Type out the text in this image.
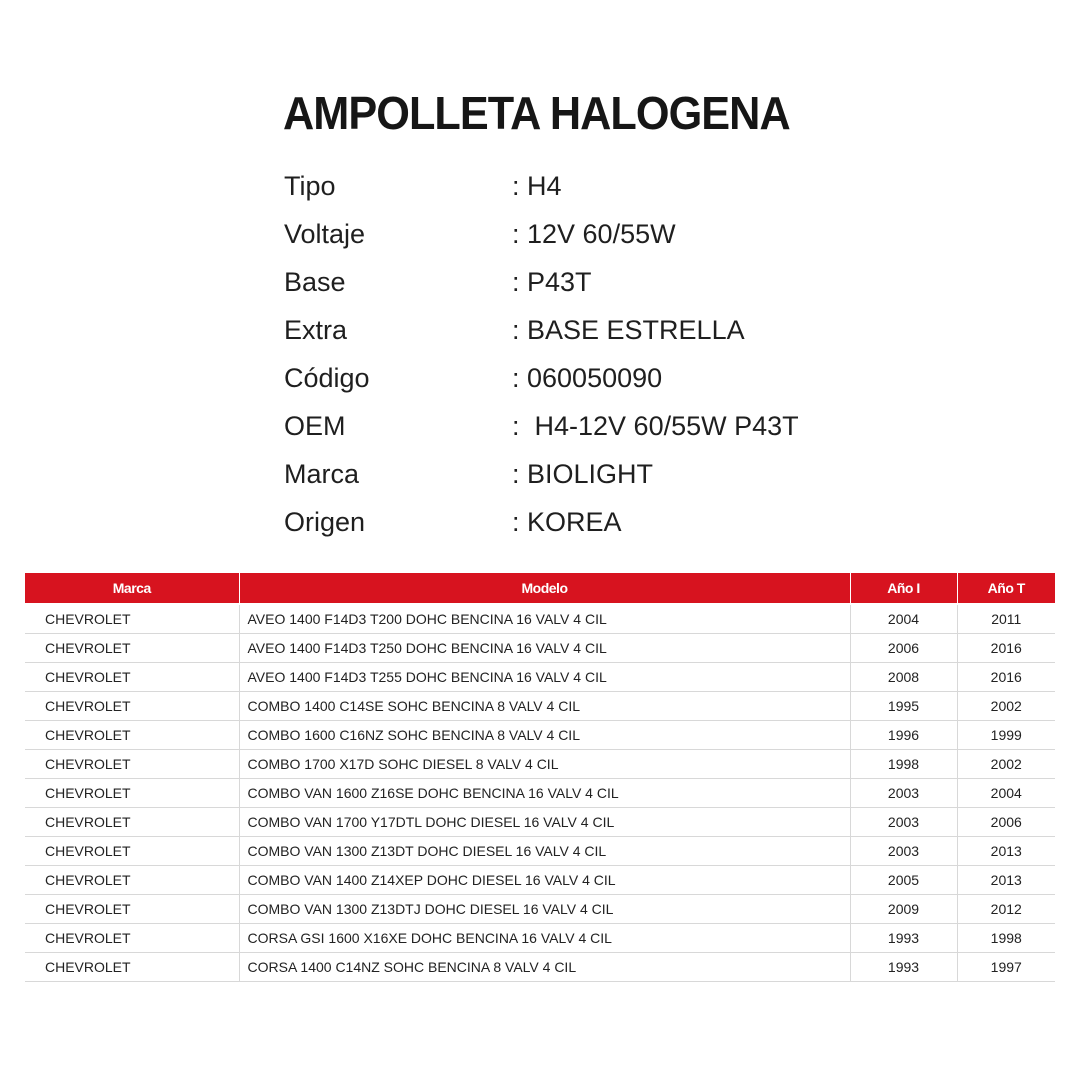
AMPOLLETA HALOGENA
Tipo	: H4
Voltaje	: 12V 60/55W
Base	: P43T
Extra	: BASE ESTRELLA
Código	: 060050090
OEM	:  H4-12V 60/55W P43T
Marca	: BIOLIGHT
Origen	: KOREA
Marca	Modelo	Año I	Año T
CHEVROLET	AVEO 1400 F14D3 T200 DOHC BENCINA 16 VALV 4 CIL	2004	2011
CHEVROLET	AVEO 1400 F14D3 T250 DOHC BENCINA 16 VALV 4 CIL	2006	2016
CHEVROLET	AVEO 1400 F14D3 T255 DOHC BENCINA 16 VALV 4 CIL	2008	2016
CHEVROLET	COMBO 1400 C14SE SOHC BENCINA 8 VALV 4 CIL	1995	2002
CHEVROLET	COMBO 1600 C16NZ SOHC BENCINA 8 VALV 4 CIL	1996	1999
CHEVROLET	COMBO 1700 X17D SOHC DIESEL 8 VALV 4 CIL	1998	2002
CHEVROLET	COMBO VAN 1600 Z16SE DOHC BENCINA 16 VALV 4 CIL	2003	2004
CHEVROLET	COMBO VAN 1700 Y17DTL DOHC DIESEL 16 VALV 4 CIL	2003	2006
CHEVROLET	COMBO VAN 1300 Z13DT DOHC DIESEL 16 VALV 4 CIL	2003	2013
CHEVROLET	COMBO VAN 1400 Z14XEP DOHC DIESEL 16 VALV 4 CIL	2005	2013
CHEVROLET	COMBO VAN 1300 Z13DTJ DOHC DIESEL 16 VALV 4 CIL	2009	2012
CHEVROLET	CORSA GSI 1600 X16XE DOHC BENCINA 16 VALV 4 CIL	1993	1998
CHEVROLET	CORSA 1400 C14NZ SOHC BENCINA 8 VALV 4 CIL	1993	1997
